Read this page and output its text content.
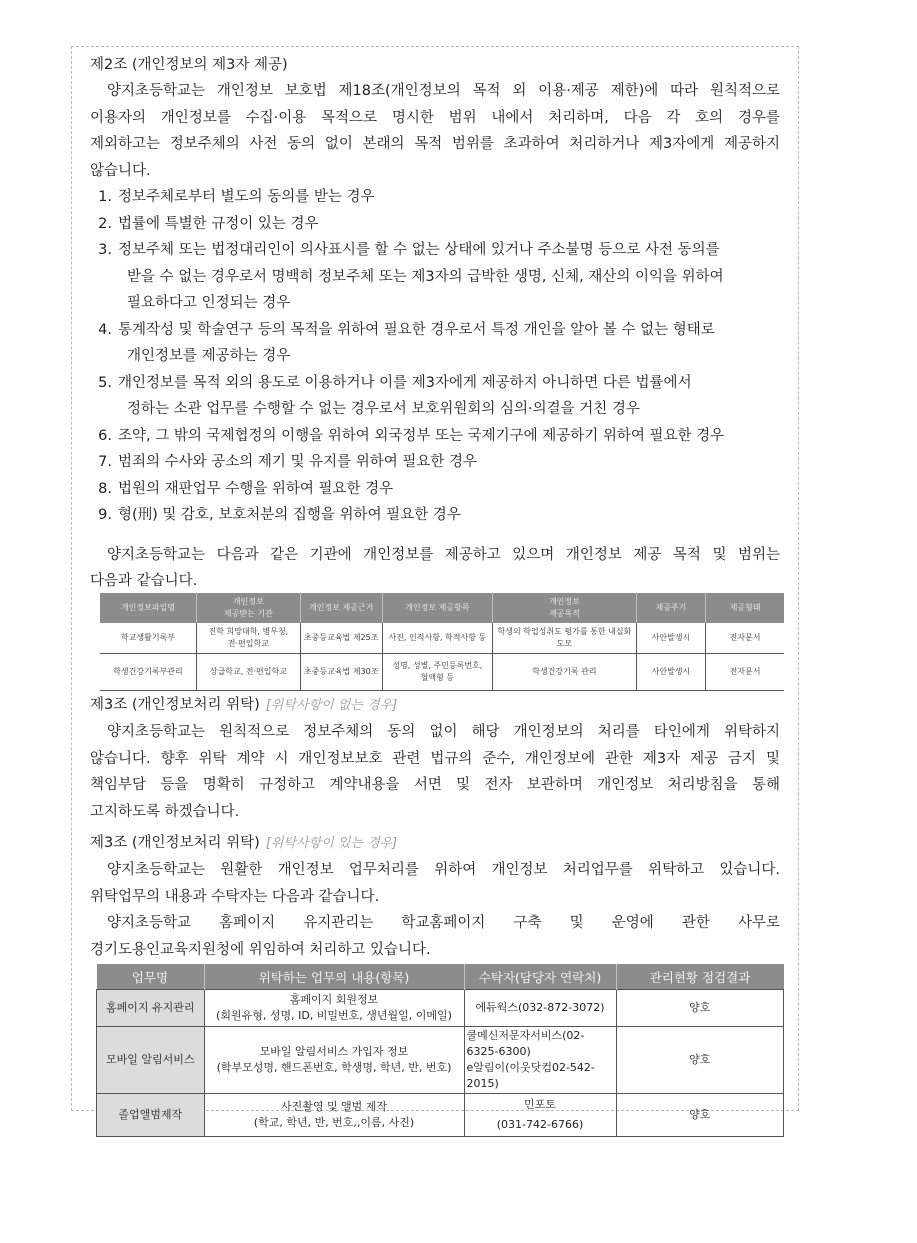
제2조 (개인정보의 제3자 제공)
양지초등학교는 개인정보 보호법 제18조(개인정보의 목적 외 이용·제공 제한)에 따라 원칙적으로
이용자의 개인정보를 수집·이용 목적으로 명시한 범위 내에서 처리하며, 다음 각 호의 경우를
제외하고는 정보주체의 사전 동의 없이 본래의 목적 범위를 초과하여 처리하거나 제3자에게 제공하지
않습니다.
1. 정보주체로부터 별도의 동의를 받는 경우
2. 법률에 특별한 규정이 있는 경우
3. 정보주체 또는 법정대리인이 의사표시를 할 수 없는 상태에 있거나 주소불명 등으로 사전 동의를
받을 수 없는 경우로서 명백히 정보주체 또는 제3자의 급박한 생명, 신체, 재산의 이익을 위하여
필요하다고 인정되는 경우
4. 통계작성 및 학술연구 등의 목적을 위하여 필요한 경우로서 특정 개인을 알아 볼 수 없는 형태로
개인정보를 제공하는 경우
5. 개인정보를 목적 외의 용도로 이용하거나 이를 제3자에게 제공하지 아니하면 다른 법률에서
정하는 소관 업무를 수행할 수 없는 경우로서 보호위원회의 심의·의결을 거친 경우
6. 조약, 그 밖의 국제협정의 이행을 위하여 외국정부 또는 국제기구에 제공하기 위하여 필요한 경우
7. 범죄의 수사와 공소의 제기 및 유지를 위하여 필요한 경우
8. 법원의 재판업무 수행을 위하여 필요한 경우
9. 형(刑) 및 감호, 보호처분의 집행을 위하여 필요한 경우
양지초등학교는 다음과 같은 기관에 개인정보를 제공하고 있으며 개인정보 제공 목적 및 범위는
다음과 같습니다.
개인정보파일명	개인정보
제공받는 기관	개인정보 제공근거	개인정보 제공항목	개인정보
제공목적	제공주기	제공형태
학교생활기록부	진학 희망대학, 병무청,
전·편입학교	초중등교육법 제25조	사진, 인적사항, 학적사항 등	학생의 학업성취도 평가를 통한 내실화
도모	사안발생시	전자문서
학생건강기록부관리	상급학교, 전·편입학교	초중등교육법 제30조	성명, 성별, 주민등록번호,
혈액형 등	학생건강기록 관리	사안발생시	전자문서
제3조 (개인정보처리 위탁) [위탁사항이 없는 경우]
양지초등학교는 원칙적으로 정보주체의 동의 없이 해당 개인정보의 처리를 타인에게 위탁하지
않습니다. 향후 위탁 계약 시 개인정보보호 관련 법규의 준수, 개인정보에 관한 제3자 제공 금지 및
책임부담 등을 명확히 규정하고 계약내용을 서면 및 전자 보관하며 개인정보 처리방침을 통해
고지하도록 하겠습니다.
제3조 (개인정보처리 위탁) [위탁사항이 있는 경우]
양지초등학교는 원활한 개인정보 업무처리를 위하여 개인정보 처리업무를 위탁하고 있습니다.
위탁업무의 내용과 수탁자는 다음과 같습니다.
양지초등학교 홈페이지 유지관리는 학교홈페이지 구축 및 운영에 관한 사무로
경기도용인교육지원청에 위임하여 처리하고 있습니다.
업무명	위탁하는 업무의 내용(항목)	수탁자(담당자 연락처)	관리현황 점검결과
홈페이지 유지관리	홈페이지 회원정보
(회원유형, 성명, ID, 비밀번호, 생년월일, 이메일)	에듀웍스(032-872-3072)	양호
모바일 알림서비스	모바일 알림서비스 가입자 정보
(학부모성명, 핸드폰번호, 학생명, 학년, 반, 번호)	쿨메신저문자서비스(02-6325-6300)
e알림이(이웃닷컴02-542-2015)	양호
졸업앨범제작	사진촬영 및 앨범 제작
(학교, 학년, 반, 번호,,이름, 사진)	민포토
(031-742-6766)	양호
